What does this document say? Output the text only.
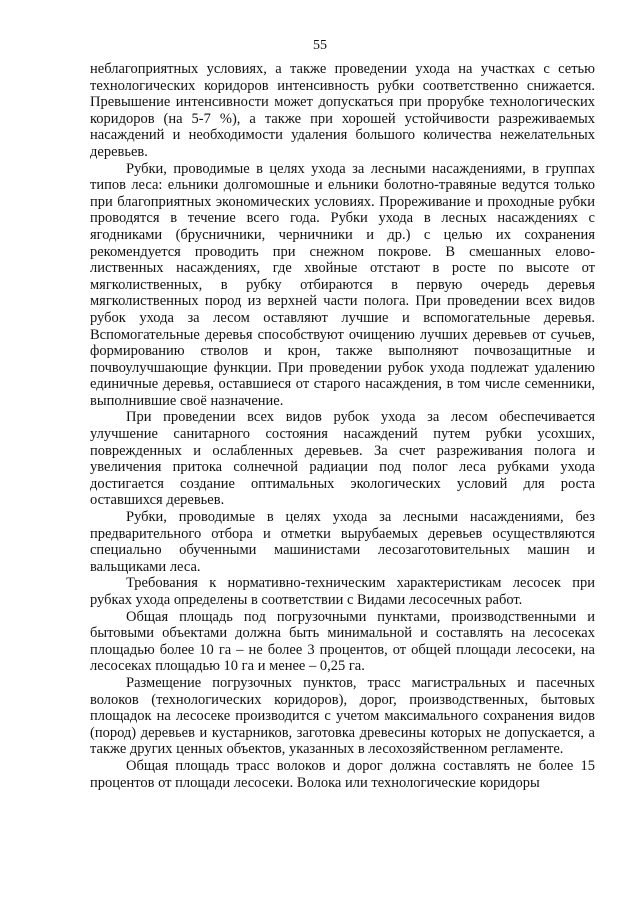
55

неблагоприятных условиях, а также проведении ухода на участках с сетью технологических коридоров интенсивность рубки соответственно снижается. Превышение интенсивности может допускаться при прорубке технологических коридоров (на 5-7 %), а также при хорошей устойчивости разреживаемых насаждений и необходимости удаления большого количества нежелательных деревьев.

Рубки, проводимые в целях ухода за лесными насаждениями, в группах типов леса: ельники долгомошные и ельники болотно-травяные ведутся только при благоприятных экономических условиях. Прореживание и проходные рубки проводятся в течение всего года. Рубки ухода в лесных насаждениях с ягодниками (брусничники, черничники и др.) с целью их сохранения рекомендуется проводить при снежном покрове. В смешанных елово-лиственных насаждениях, где хвойные отстают в росте по высоте от мягколиственных, в рубку отбираются в первую очередь деревья мягколиственных пород из верхней части полога. При проведении всех видов рубок ухода за лесом оставляют лучшие и вспомогательные деревья. Вспомогательные деревья способствуют очищению лучших деревьев от сучьев, формированию стволов и крон, также выполняют почвозащитные и почвоулучшающие функции. При проведении рубок ухода подлежат удалению единичные деревья, оставшиеся от старого насаждения, в том числе семенники, выполнившие своё назначение.

При проведении всех видов рубок ухода за лесом обеспечивается улучшение санитарного состояния насаждений путем рубки усохших, поврежденных и ослабленных деревьев. За счет разреживания полога и увеличения притока солнечной радиации под полог леса рубками ухода достигается создание оптимальных экологических условий для роста оставшихся деревьев.

Рубки, проводимые в целях ухода за лесными насаждениями, без предварительного отбора и отметки вырубаемых деревьев осуществляются специально обученными машинистами лесозаготовительных машин и вальщиками леса.

Требования к нормативно-техническим характеристикам лесосек при рубках ухода определены в соответствии с Видами лесосечных работ.

Общая площадь под погрузочными пунктами, производственными и бытовыми объектами должна быть минимальной и составлять на лесосеках площадью более 10 га – не более 3 процентов, от общей площади лесосеки, на лесосеках площадью 10 га и менее – 0,25 га.

Размещение погрузочных пунктов, трасс магистральных и пасечных волоков (технологических коридоров), дорог, производственных, бытовых площадок на лесосеке производится с учетом максимального сохранения видов (пород) деревьев и кустарников, заготовка древесины которых не допускается, а также других ценных объектов, указанных в лесохозяйственном регламенте.

Общая площадь трасс волоков и дорог должна составлять не более 15 процентов от площади лесосеки. Волока или технологические коридоры
